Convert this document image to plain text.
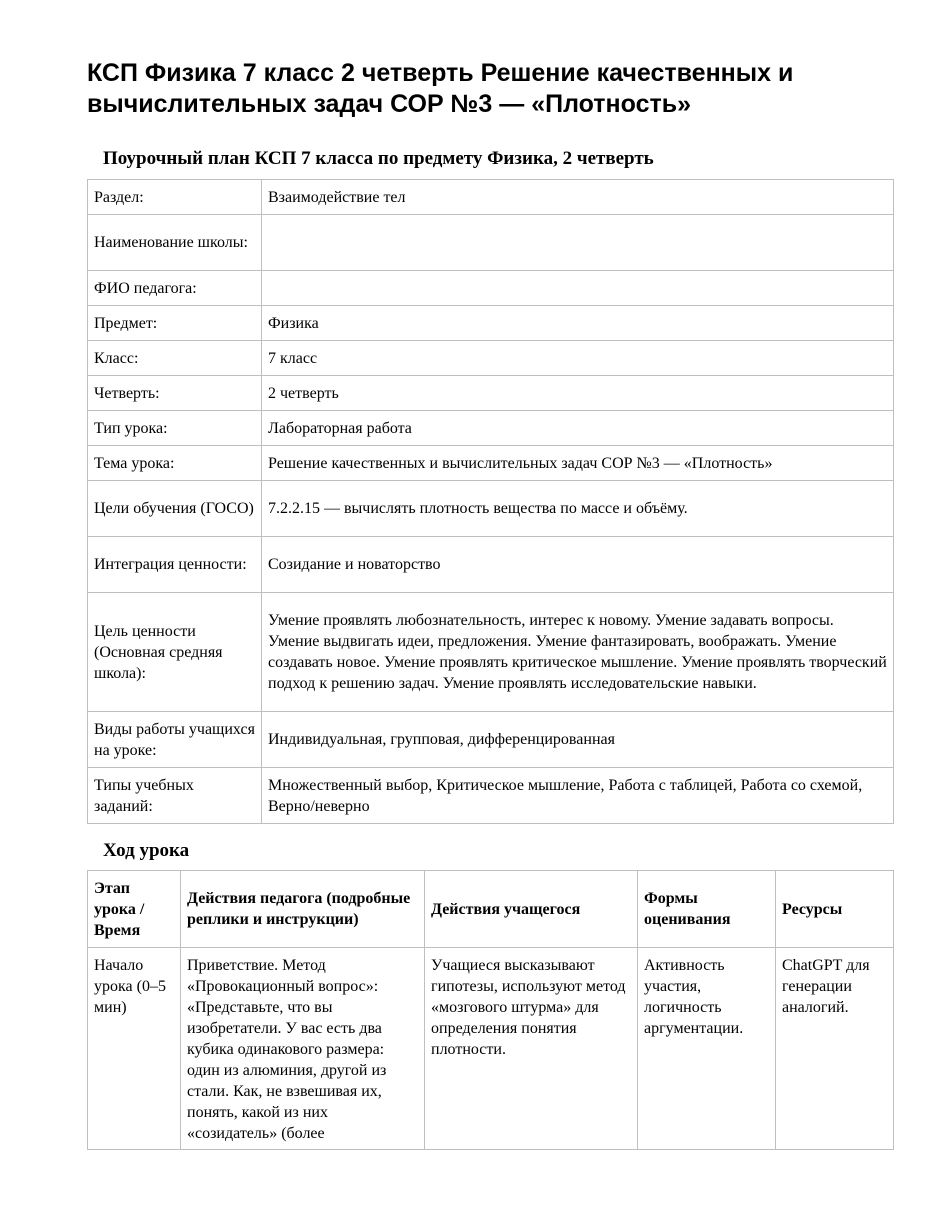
КСП Физика 7 класс 2 четверть Решение качественных и вычислительных задач СОР №3 — «Плотность»

Поурочный план КСП 7 класса по предмету Физика, 2 четверть

Раздел:	Взаимодействие тел
Наименование школы:	
ФИО педагога:	
Предмет:	Физика
Класс:	7 класс
Четверть:	2 четверть
Тип урока:	Лабораторная работа
Тема урока:	Решение качественных и вычислительных задач СОР №3 — «Плотность»
Цели обучения (ГОСО)	7.2.2.15 — вычислять плотность вещества по массе и объёму.
Интеграция ценности:	Созидание и новаторство
Цель ценности (Основная средняя школа):	Умение проявлять любознательность, интерес к новому. Умение задавать вопросы. Умение выдвигать идеи, предложения. Умение фантазировать, воображать. Умение создавать новое. Умение проявлять критическое мышление. Умение проявлять творческий подход к решению задач. Умение проявлять исследовательские навыки.
Виды работы учащихся на уроке:	Индивидуальная, групповая, дифференцированная
Типы учебных заданий:	Множественный выбор, Критическое мышление, Работа с таблицей, Работа со схемой, Верно/неверно

Ход урока

Этап урока / Время	Действия педагога (подробные реплики и инструкции)	Действия учащегося	Формы оценивания	Ресурсы

Начало урока (0–5 мин)	Приветствие. Метод «Провокационный вопрос»: «Представьте, что вы изобретатели. У вас есть два кубика одинакового размера: один из алюминия, другой из стали. Как, не взвешивая их, понять, какой из них «созидатель» (более	Учащиеся высказывают гипотезы, используют метод «мозгового штурма» для определения понятия плотности.	Активность участия, логичность аргументации.	ChatGPT для генерации аналогий.
